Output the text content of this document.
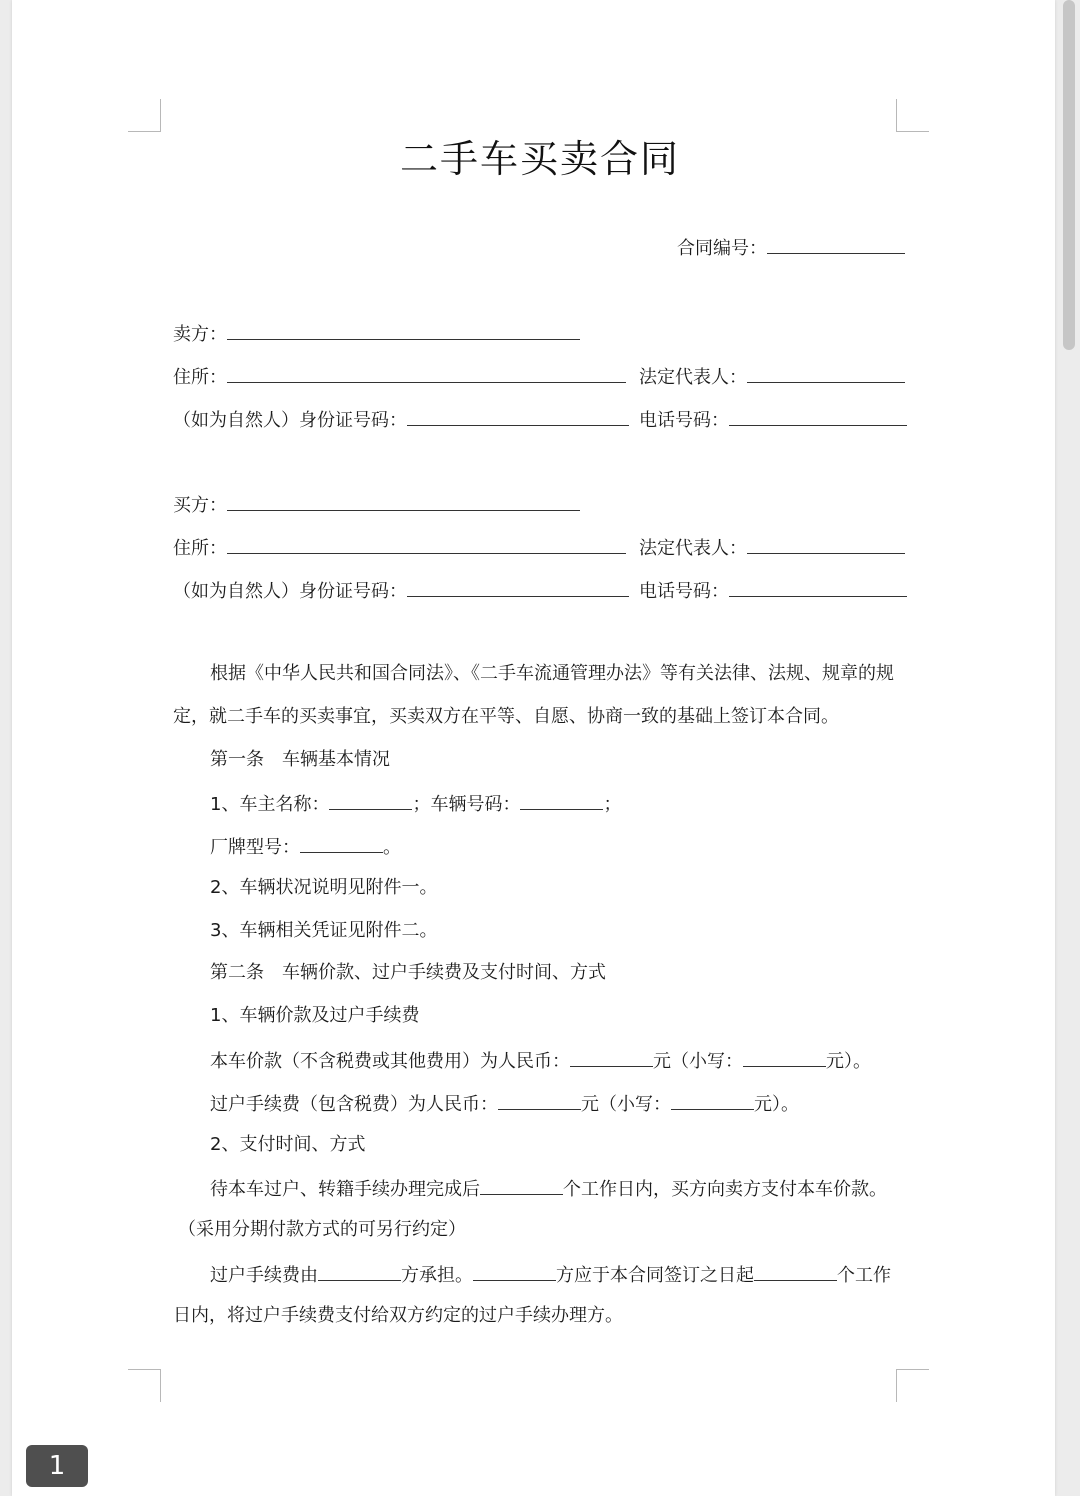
二手车买卖合同
合同编号：
卖方：
住所：	法定代表人：
（如为自然人）身份证号码：	电话号码：
买方：
住所：	法定代表人：
（如为自然人）身份证号码：	电话号码：
根据《中华人民共和国合同法》、《二手车流通管理办法》等有关法律、法规、规章的规
定，就二手车的买卖事宜，买卖双方在平等、自愿、协商一致的基础上签订本合同。
第一条　车辆基本情况
1、车主名称：	；车辆号码：	；
厂牌型号：	。
2、车辆状况说明见附件一。
3、车辆相关凭证见附件二。
第二条　车辆价款、过户手续费及支付时间、方式
1、车辆价款及过户手续费
本车价款（不含税费或其他费用）为人民币：	元（小写：	元）。
过户手续费（包含税费）为人民币：	元（小写：	元）。
2、支付时间、方式
待本车过户、转籍手续办理完成后	个工作日内，买方向卖方支付本车价款。
（采用分期付款方式的可另行约定）
过户手续费由	方承担。	方应于本合同签订之日起	个工作
日内，将过户手续费支付给双方约定的过户手续办理方。
1
